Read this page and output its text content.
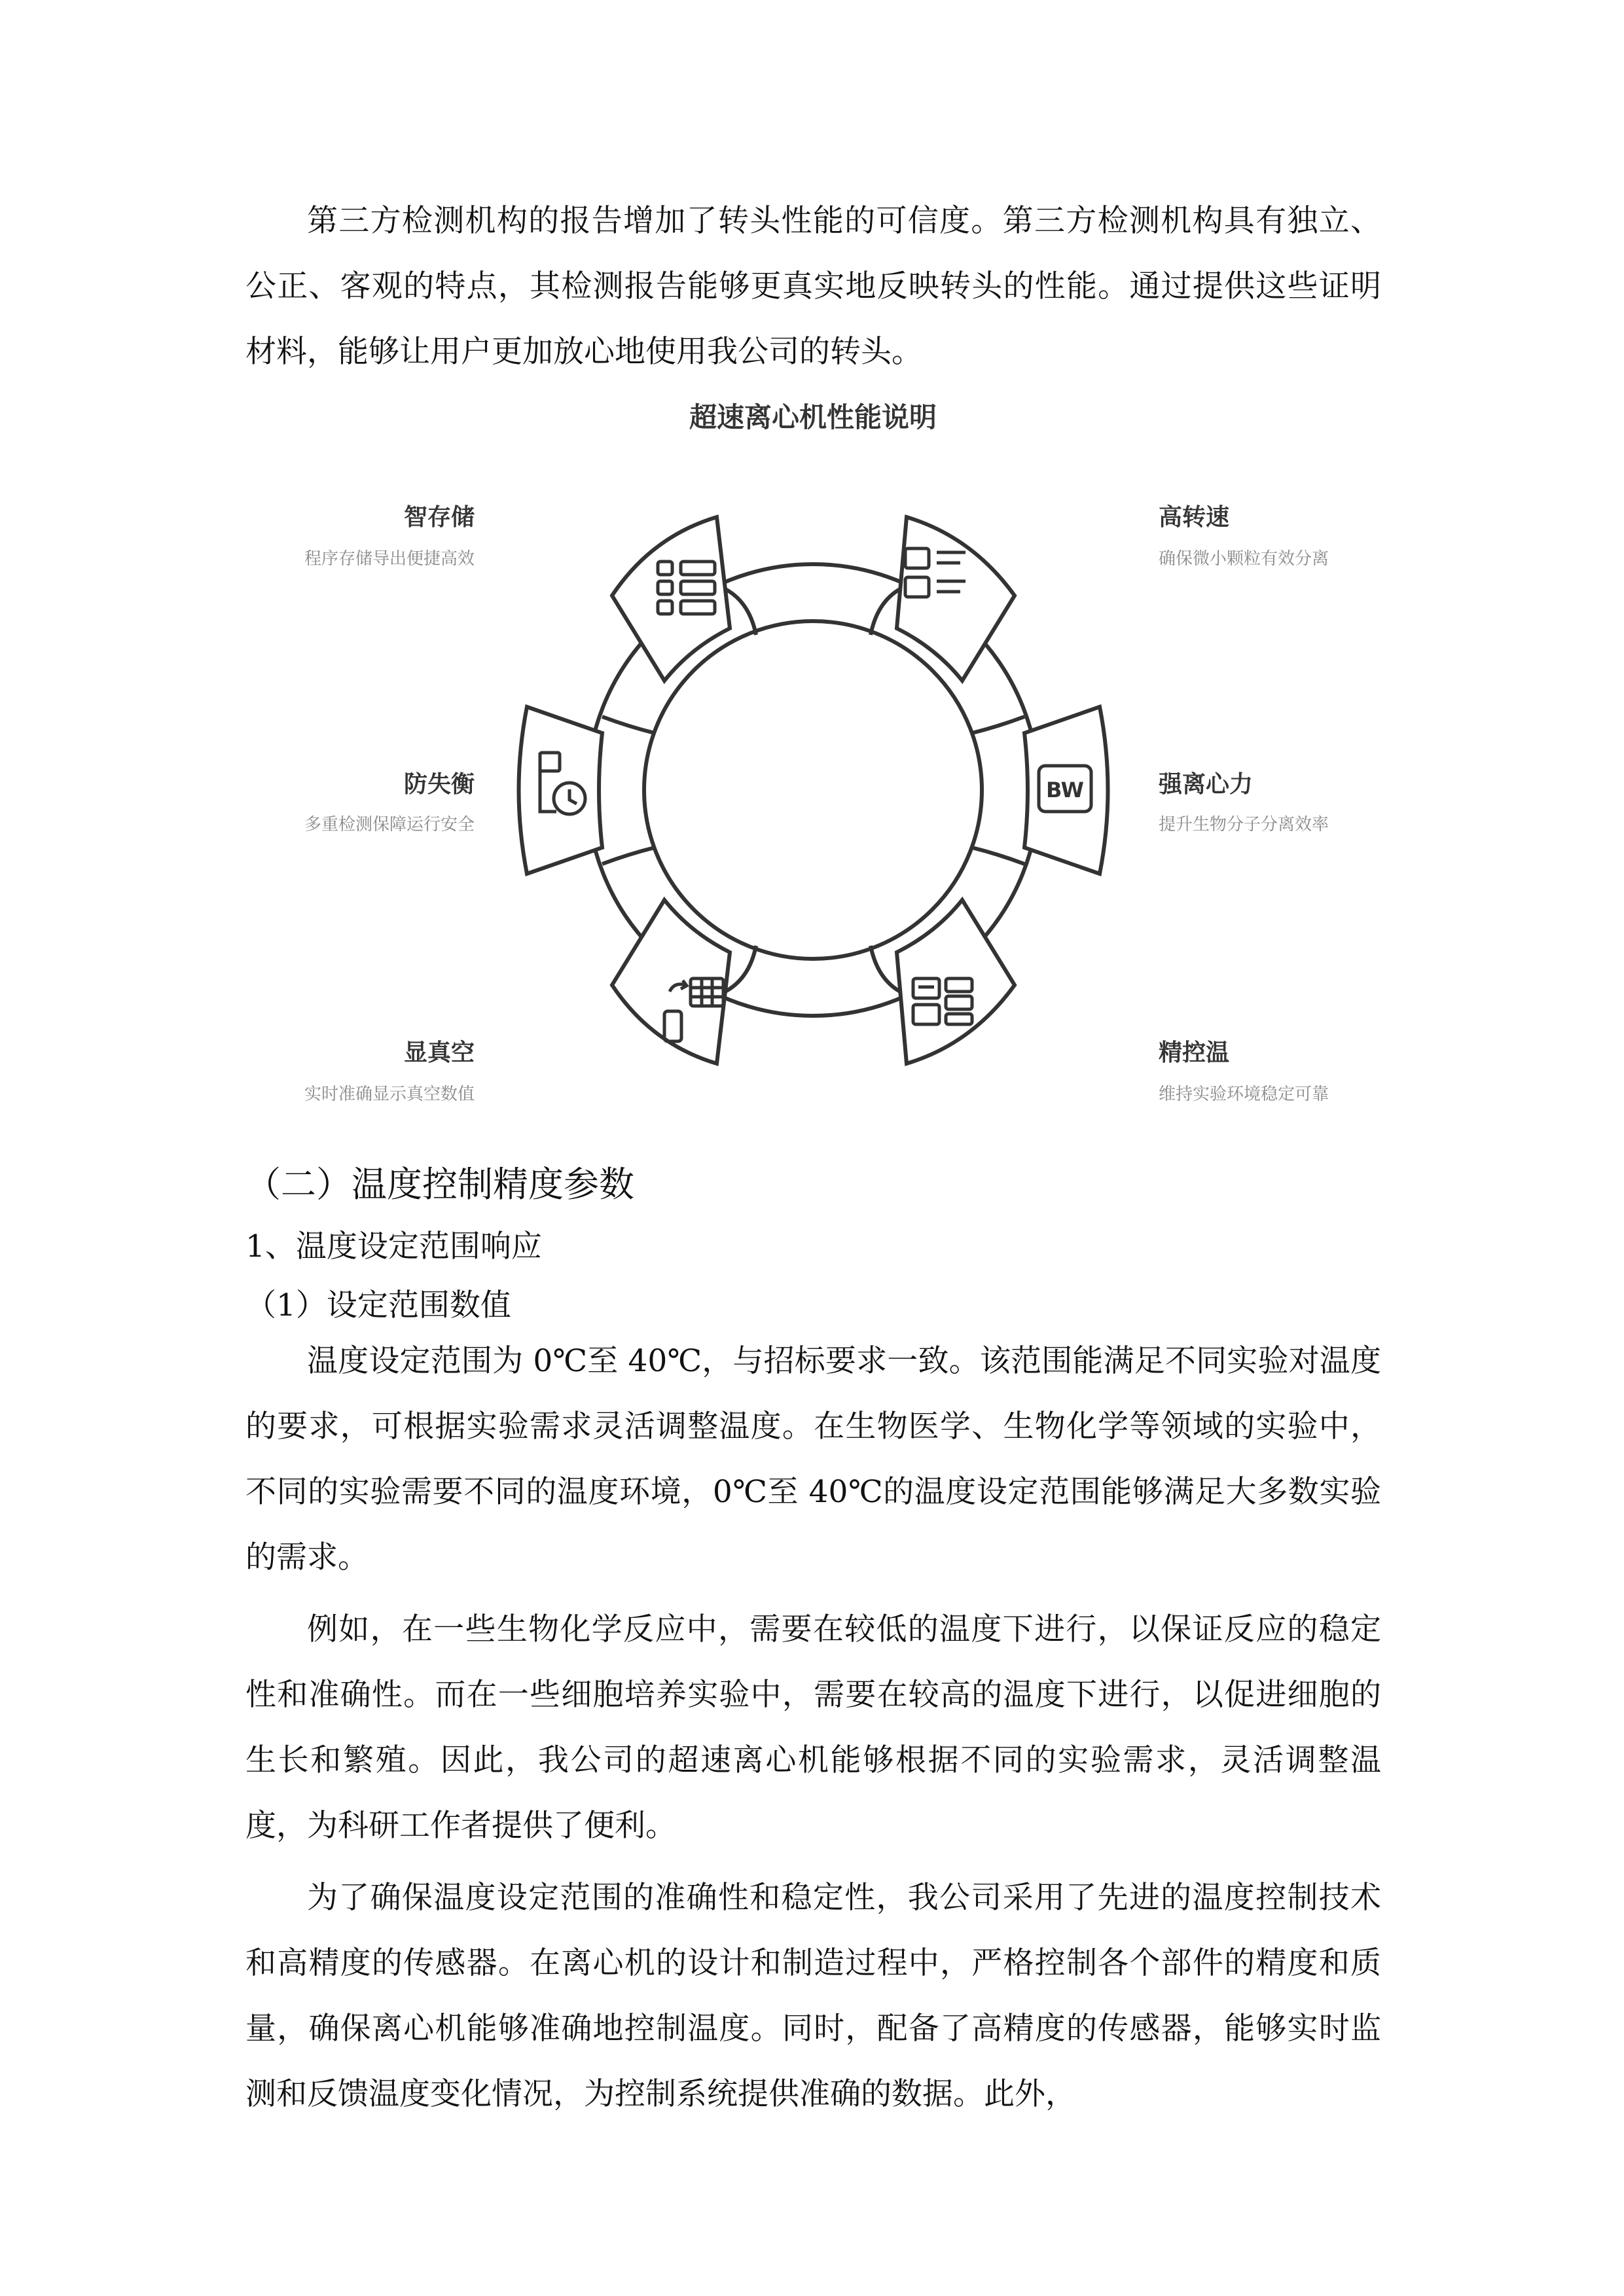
第三方检测机构的报告增加了转头性能的可信度。第三方检测机构具有独立、公正、客观的特点，其检测报告能够更真实地反映转头的性能。通过提供这些证明材料，能够让用户更加放心地使用我公司的转头。

超速离心机性能说明
BW
智存储
程序存储导出便捷高效
高转速
确保微小颗粒有效分离
防失衡
多重检测保障运行安全
强离心力
提升生物分子分离效率
显真空
实时准确显示真空数值
精控温
维持实验环境稳定可靠

（二）温度控制精度参数

1、温度设定范围响应

（1）设定范围数值

温度设定范围为 0℃至 40℃，与招标要求一致。该范围能满足不同实验对温度的要求，可根据实验需求灵活调整温度。在生物医学、生物化学等领域的实验中，不同的实验需要不同的温度环境，0℃至 40℃的温度设定范围能够满足大多数实验的需求。

例如，在一些生物化学反应中，需要在较低的温度下进行，以保证反应的稳定性和准确性。而在一些细胞培养实验中，需要在较高的温度下进行，以促进细胞的生长和繁殖。因此，我公司的超速离心机能够根据不同的实验需求，灵活调整温度，为科研工作者提供了便利。

为了确保温度设定范围的准确性和稳定性，我公司采用了先进的温度控制技术和高精度的传感器。在离心机的设计和制造过程中，严格控制各个部件的精度和质量，确保离心机能够准确地控制温度。同时，配备了高精度的传感器，能够实时监测和反馈温度变化情况，为控制系统提供准确的数据。此外，
